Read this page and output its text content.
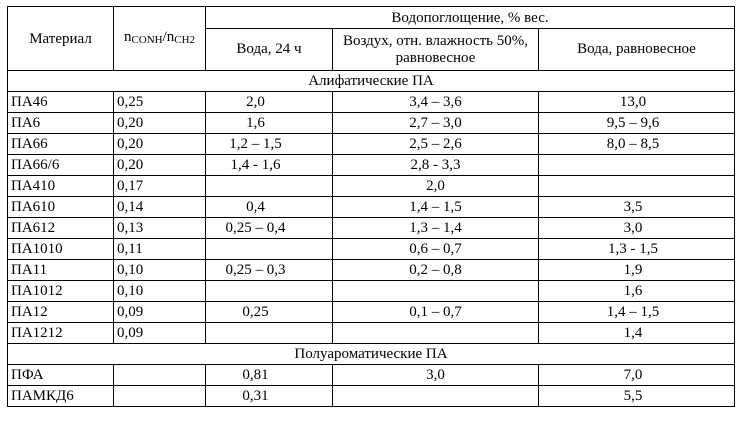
Материал	$n_{CONH}/n_{CH2}$	Водопоглощение, % вес.		
		Вода, 24 ч	Воздух, отн. влажность 50%, равновесное	Вода, равновесное
Алифатические ПА				
ПА46	0,25	2,0	3,4 – 3,6	13,0
ПА6	0,20	1,6	2,7 – 3,0	9,5 – 9,6
ПА66	0,20	1,2 – 1,5	2,5 – 2,6	8,0 – 8,5
ПА66/6	0,20	1,4 - 1,6	2,8 - 3,3	
ПА410	0,17		2,0	
ПА610	0,14	0,4	1,4 – 1,5	3,5
ПА612	0,13	0,25 – 0,4	1,3 – 1,4	3,0
ПА1010	0,11		0,6 – 0,7	1,3 - 1,5
ПА11	0,10	0,25 – 0,3	0,2 – 0,8	1,9
ПА1012	0,10			1,6
ПА12	0,09	0,25	0,1 – 0,7	1,4 – 1,5
ПА1212	0,09			1,4
Полуароматические ПА				
ПФА		0,81	3,0	7,0
ПАМКД6		0,31		5,5
